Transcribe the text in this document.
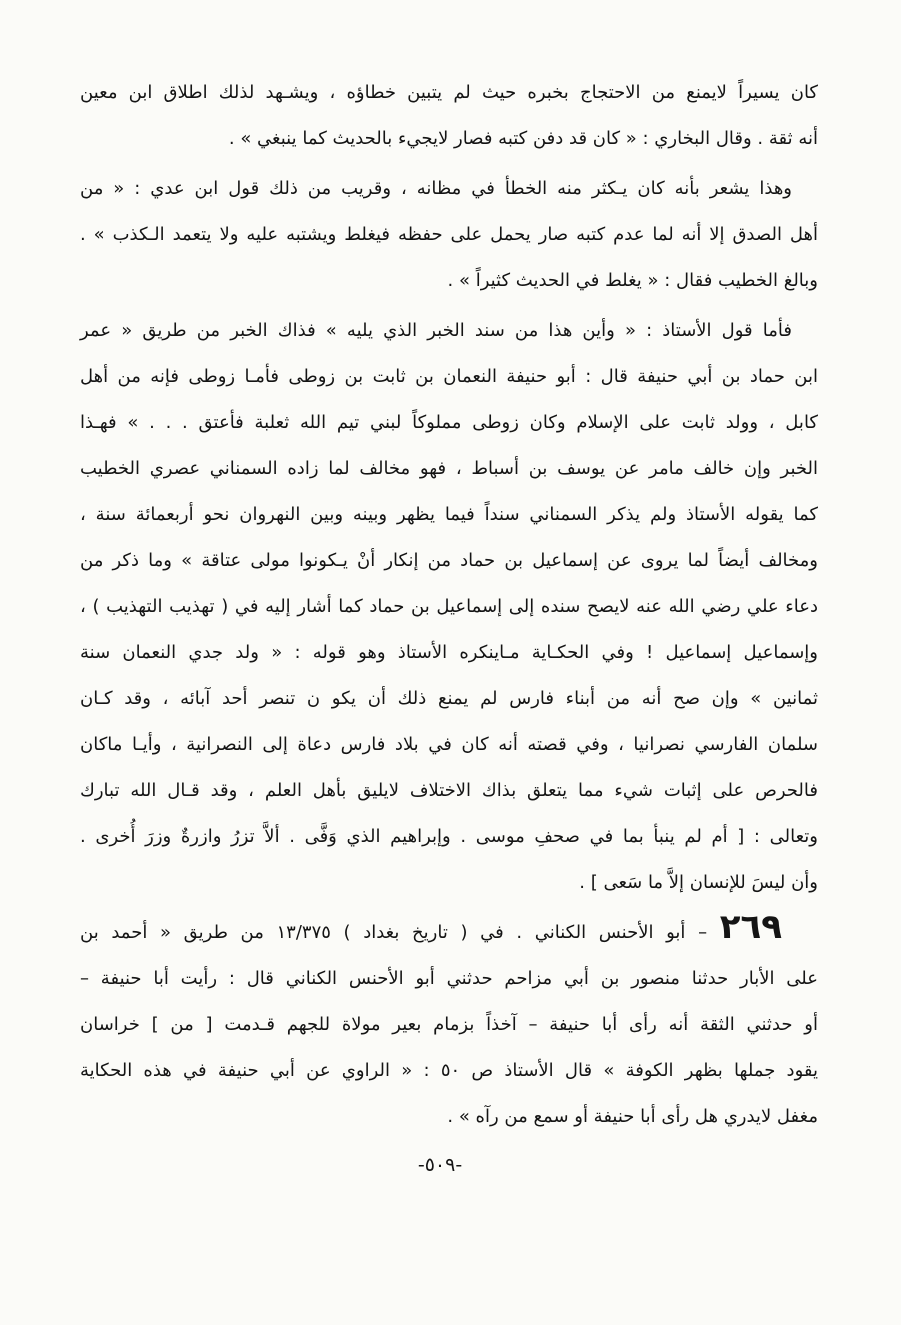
كان يسيراً لايمنع من الاحتجاج بخبره حيث لم يتبين خطاؤه ، ويشـهد لذلك اطلاق ابن معين
أنه ثقة . وقال البخاري : « كان قد دفن كتبه فصار لايجيء بالحديث كما ينبغي » .
وهذا يشعر بأنه كان يـكثر منه الخطأ في مظانه ، وقريب من ذلك قول ابن عدي : « من
أهل الصدق إلا أنه لما عدم كتبه صار يحمل على حفظه فيغلط ويشتبه عليه ولا يتعمد الـكذب » .
وبالغ الخطيب فقال : « يغلط في الحديث كثيراً » .
فأما قول الأستاذ : « وأين هذا من سند الخبر الذي يليه » فذاك الخبر من طريق « عمر
ابن حماد بن أبي حنيفة قال : أبو حنيفة النعمان بن ثابت بن زوطى فأمـا زوطى فإنه من أهل
كابل ، وولد ثابت على الإسلام وكان زوطى مملوكاً لبني تيم الله ثعلبة فأعتق . . . » فهـذا
الخبر وإن خالف مامر عن يوسف بن أسباط ، فهو مخالف لما زاده السمناني عصري الخطيب
كما يقوله الأستاذ ولم يذكر السمناني سنداً فيما يظهر وبينه وبين النهروان نحو أربعمائة سنة ،
ومخالف أيضاً لما يروى عن إسماعيل بن حماد من إنكار أنْ يـكونوا مولى عتاقة » وما ذكر من
دعاء علي رضي الله عنه لايصح سنده إلى إسماعيل بن حماد كما أشار إليه في ( تهذيب التهذيب ) ،
وإسماعيل إسماعيل ! وفي الحكـاية مـاينكره الأستاذ وهو قوله : « ولد جدي النعمان سنة
ثمانين » وإن صح أنه من أبناء فارس لم يمنع ذلك أن يكو ن تنصر أحد آبائه ، وقد كـان
سلمان الفارسي نصرانيا ، وفي قصته أنه كان في بلاد فارس دعاة إلى النصرانية ، وأيـا ماكان
فالحرص على إثبات شيء مما يتعلق بذاك الاختلاف لايليق بأهل العلم ، وقد قـال الله تبارك
وتعالى : [ أم لم ينبأ بما في صحفِ موسى . وإبراهيم الذي وَفَّى . ألاَّ تزرُ وازرةٌ وزرَ أُخرى .
وأن ليسَ للإنسان إلاَّ ما سَعى ] .
٢٦٩ – أبو الأحنس الكناني . في ( تاريخ بغداد ) ١٣/٣٧٥ من طريق « أحمد بن
على الأبار حدثنا منصور بن أبي مزاحم حدثني أبو الأحنس الكناني قال : رأيت أبا حنيفة –
أو حدثني الثقة أنه رأى أبا حنيفة – آخذاً بزمام بعير مولاة للجهم قـدمت [ من ] خراسان
يقود جملها بظهر الكوفة » قال الأستاذ ص ٥٠ : « الراوي عن أبي حنيفة في هذه الحكاية
مغفل لايدري هل رأى أبا حنيفة أو سمع من رآه » .
-٥٠٩-
